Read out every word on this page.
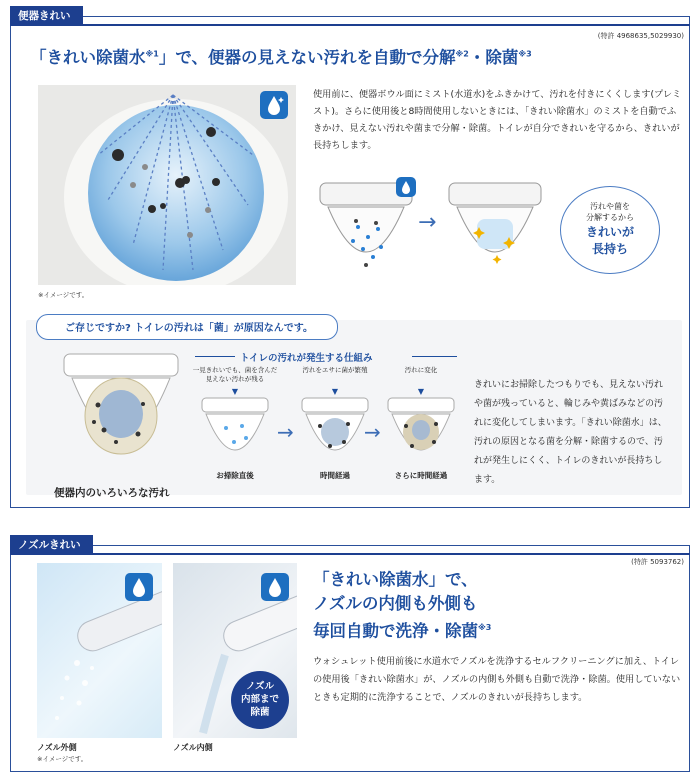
便器きれい
(特許 4968635,5029930)
「きれい除菌水$^{※1}$」で、便器の見えない汚れを自動で分解$^{※2}$・除菌$^{※3}$
※イメージです。
使用前に、便器ボウル面にミスト(水道水)をふきかけて、汚れを付きにくくします(プレミスト)。さらに使用後と8時間使用しないときには、「きれい除菌水」のミストを自動でふきかけ、見えない汚れや菌まで分解・除菌。トイレが自分できれいを守るから、きれいが長持ちします。
→
汚れや菌を
分解するから
きれいが
長持ち
ご存じですか? トイレの汚れは「菌」が原因なんです。
便器内のいろいろな汚れ
トイレの汚れが発生する仕組み
一見きれいでも、菌を含んだ見えない汚れが残る
▼
お掃除直後
→
汚れをエサに菌が繁殖
▼
時間経過
→
汚れに変化
▼
さらに時間経過
きれいにお掃除したつもりでも、見えない汚れや菌が残っていると、輪じみや黄ばみなどの汚れに変化してしまいます。「きれい除菌水」は、汚れの原因となる菌を分解・除菌するので、汚れが発生しにくく、トイレのきれいが長持ちします。
ノズルきれい
(特許 5093762)
ノズル外側
※イメージです。
ノズル
内部まで
除菌
ノズル内側
「きれい除菌水」で、
ノズルの内側も外側も
毎回自動で洗浄・除菌$^{※3}$
ウォシュレット使用前後に水道水でノズルを洗浄するセルフクリーニングに加え、トイレの使用後「きれい除菌水」が、ノズルの内側も外側も自動で洗浄・除菌。使用していないときも定期的に洗浄することで、ノズルのきれいが長持ちします。
